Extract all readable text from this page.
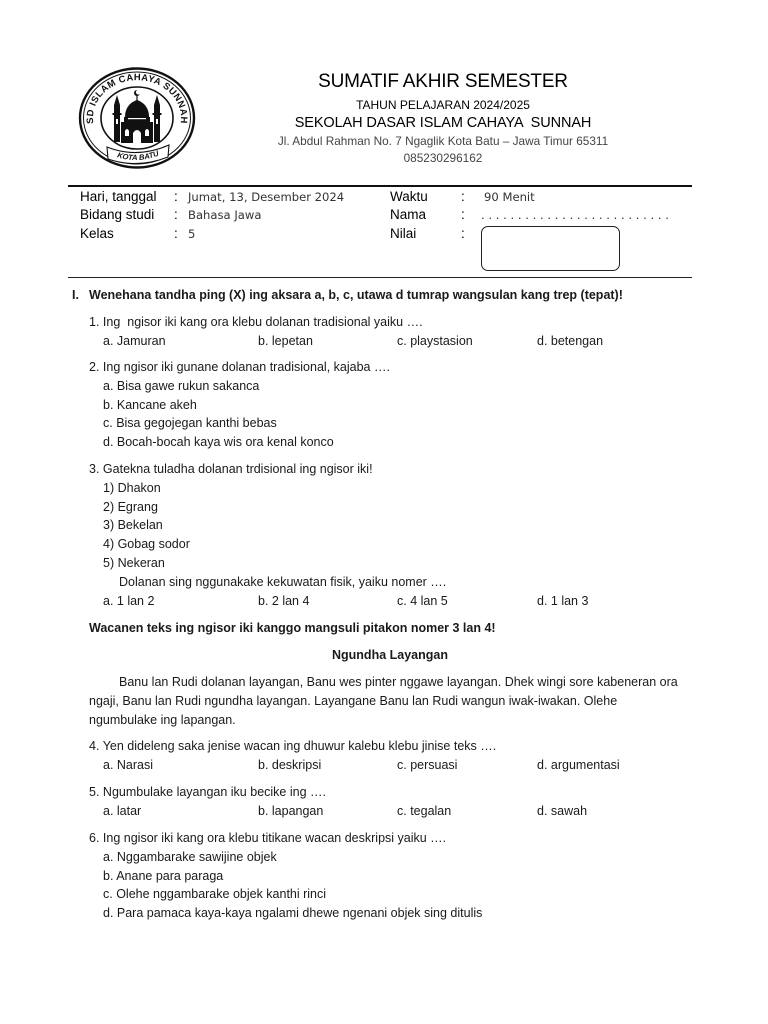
SD ISLAM CAHAYA SUNNAH
KOTA BATU
SUMATIF AKHIR SEMESTER
TAHUN PELAJARAN 2024/2025
SEKOLAH DASAR ISLAM CAHAYA  SUNNAH
Jl. Abdul Rahman No. 7 Ngaglik Kota Batu – Jawa Timur 65311
085230296162
Hari, tanggal : Jumat, 13, Desember 2024
Bidang studi : Bahasa Jawa
Kelas	: 5
Waktu : 90 Menit
Nama	: . . . . . . . . . . . . . . . . . . . . . . . . . .
Nilai	:
I. Wenehana tandha ping (X) ing aksara a, b, c, utawa d tumrap wangsulan kang trep (tepat)!
1. Ing  ngisor iki kang ora klebu dolanan tradisional yaiku ….
a. Jamuran	b. lepetan	c. playstasion	d. betengan
2. Ing ngisor iki gunane dolanan tradisional, kajaba ….
a. Bisa gawe rukun sakanca
b. Kancane akeh
c. Bisa gegojegan kanthi bebas
d. Bocah-bocah kaya wis ora kenal konco
3. Gatekna tuladha dolanan trdisional ing ngisor iki!
1) Dhakon
2) Egrang
3) Bekelan
4) Gobag sodor
5) Nekeran
Dolanan sing nggunakake kekuwatan fisik, yaiku nomer ….
a. 1 lan 2	b. 2 lan 4	c. 4 lan 5	d. 1 lan 3
Wacanen teks ing ngisor iki kanggo mangsuli pitakon nomer 3 lan 4!
Ngundha Layangan
Banu lan Rudi dolanan layangan, Banu wes pinter nggawe layangan. Dhek wingi sore kabeneran ora
ngaji, Banu lan Rudi ngundha layangan. Layangane Banu lan Rudi wangun iwak-iwakan. Olehe
ngumbulake ing lapangan.
4. Yen dideleng saka jenise wacan ing dhuwur kalebu klebu jinise teks ….
a. Narasi	b. deskripsi	c. persuasi	d. argumentasi
5. Ngumbulake layangan iku becike ing ….
a. latar	b. lapangan	c. tegalan	d. sawah
6. Ing ngisor iki kang ora klebu titikane wacan deskripsi yaiku ….
a. Nggambarake sawijine objek
b. Anane para paraga
c. Olehe nggambarake objek kanthi rinci
d. Para pamaca kaya-kaya ngalami dhewe ngenani objek sing ditulis
